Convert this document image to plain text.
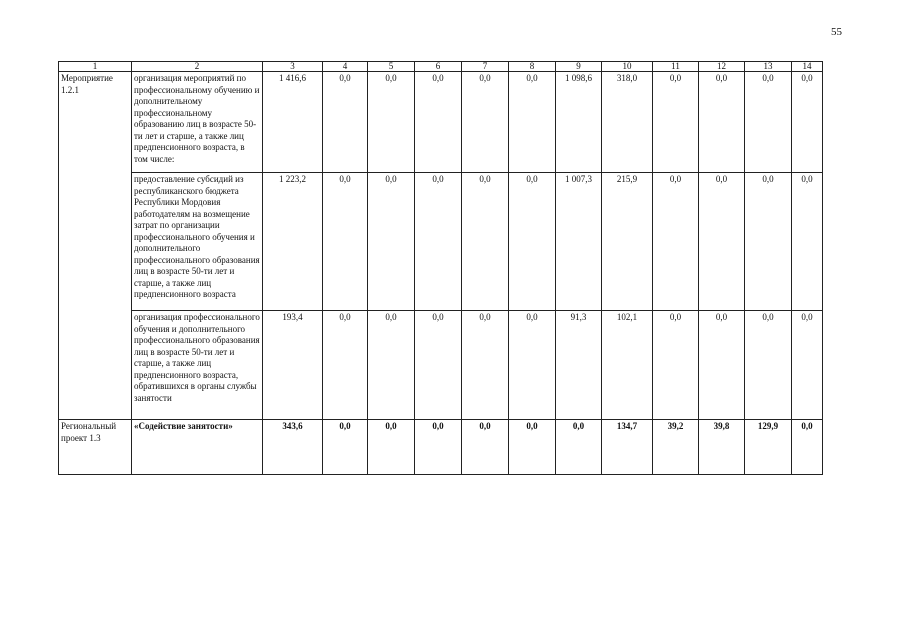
55
1	2	3	4	5	6	7	8	9	10	11	12	13	14
Мероприятие 1.2.1	организация мероприятий по профессиональному обучению и дополнительному профессиональному образованию лиц в возрасте 50-ти лет и старше, а также лиц предпенсионного возраста, в том числе:	1 416,6	0,0	0,0	0,0	0,0	0,0	1 098,6	318,0	0,0	0,0	0,0	0,0
	предоставление субсидий из республиканского бюджета Республики Мордовия работодателям на возмещение затрат по организации профессионального обучения и дополнительного профессионального образования лиц в возрасте 50-ти лет и старше, а также лиц предпенсионного возраста	1 223,2	0,0	0,0	0,0	0,0	0,0	1 007,3	215,9	0,0	0,0	0,0	0,0
	организация профессионального обучения и дополнительного профессионального образования лиц в возрасте 50-ти лет и старше, а также лиц предпенсионного возраста, обратившихся в органы службы занятости	193,4	0,0	0,0	0,0	0,0	0,0	91,3	102,1	0,0	0,0	0,0	0,0
Региональный проект 1.3	«Содействие занятости»	343,6	0,0	0,0	0,0	0,0	0,0	0,0	134,7	39,2	39,8	129,9	0,0
